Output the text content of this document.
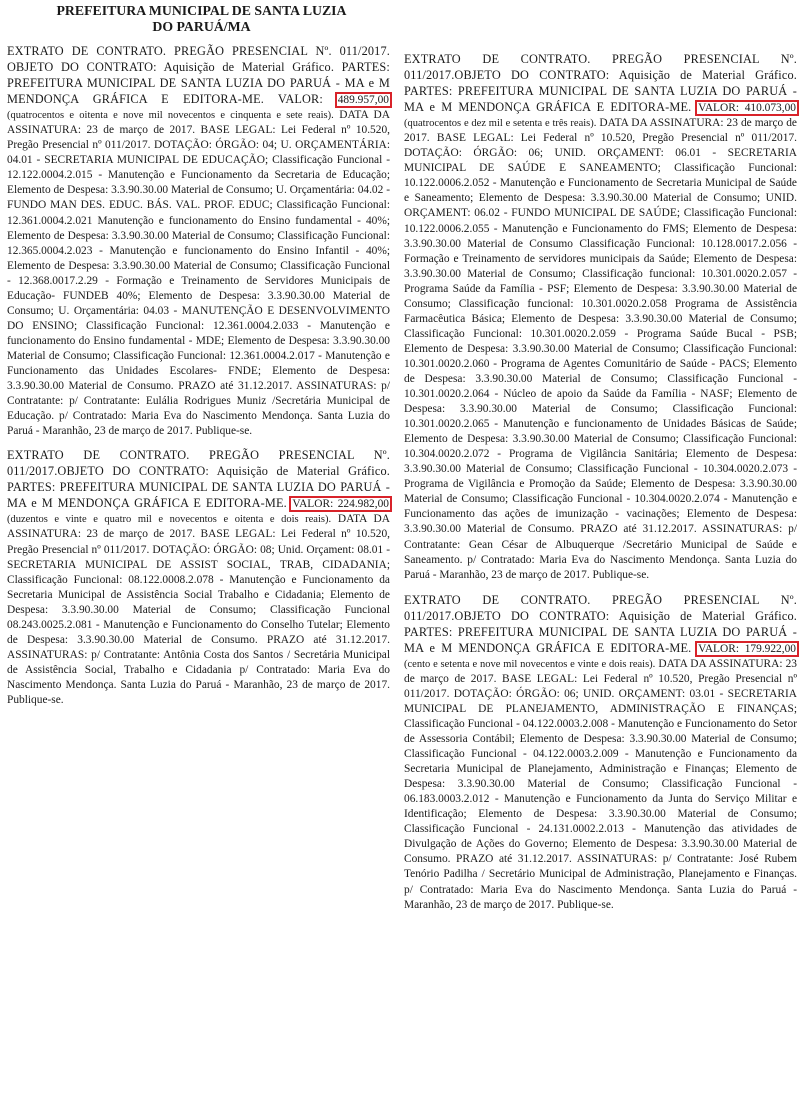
PREFEITURA MUNICIPAL DE SANTA LUZIA
DO PARUÁ/MA

EXTRATO DE CONTRATO. PREGÃO PRESENCIAL Nº. 011/2017. OBJETO DO CONTRATO: Aquisição de Material Gráfico. PARTES: PREFEITURA MUNICIPAL DE SANTA LUZIA DO PARUÁ - MA e M MENDONÇA GRÁFICA E EDITORA-ME. VALOR: 489.957,00 (quatrocentos e oitenta e nove mil novecentos e cinquenta e sete reais). DATA DA ASSINATURA: 23 de março de 2017. BASE LEGAL: Lei Federal nº 10.520, Pregão Presencial nº 011/2017. DOTAÇÃO: ÓRGÃO: 04; U. ORÇAMENTÁRIA: 04.01 - SECRETARIA MUNICIPAL DE EDUCAÇÃO; Classificação Funcional - 12.122.0004.2.015 - Manutenção e Funcionamento da Secretaria de Educação; Elemento de Despesa: 3.3.90.30.00 Material de Consumo; U. Orçamentária: 04.02 - FUNDO MAN DES. EDUC. BÁS. VAL. PROF. EDUC; Classificação Funcional: 12.361.0004.2.021 Manutenção e funcionamento do Ensino fundamental - 40%; Elemento de Despesa: 3.3.90.30.00 Material de Consumo; Classificação Funcional: 12.365.0004.2.023 - Manutenção e funcionamento do Ensino Infantil - 40%; Elemento de Despesa: 3.3.90.30.00 Material de Consumo; Classificação Funcional - 12.368.0017.2.29 - Formação e Treinamento de Servidores Municipais de Educação- FUNDEB 40%; Elemento de Despesa: 3.3.90.30.00 Material de Consumo; U. Orçamentária: 04.03 - MANUTENÇÃO E DESENVOLVIMENTO DO ENSINO; Classificação Funcional: 12.361.0004.2.033 - Manutenção e funcionamento do Ensino fundamental - MDE; Elemento de Despesa: 3.3.90.30.00 Material de Consumo; Classificação Funcional: 12.361.0004.2.017 - Manutenção e Funcionamento das Unidades Escolares- FNDE; Elemento de Despesa: 3.3.90.30.00 Material de Consumo. PRAZO até 31.12.2017. ASSINATURAS: p/ Contratante: p/ Contratante: Eulália Rodrigues Muniz /Secretária Municipal de Educação. p/ Contratado: Maria Eva do Nascimento Mendonça. Santa Luzia do Paruá - Maranhão, 23 de março de 2017. Publique-se.

EXTRATO DE CONTRATO. PREGÃO PRESENCIAL Nº. 011/2017.OBJETO DO CONTRATO: Aquisição de Material Gráfico. PARTES: PREFEITURA MUNICIPAL DE SANTA LUZIA DO PARUÁ - MA e M MENDONÇA GRÁFICA E EDITORA-ME. VALOR: 224.982,00 (duzentos e vinte e quatro mil e novecentos e oitenta e dois reais). DATA DA ASSINATURA: 23 de março de 2017. BASE LEGAL: Lei Federal nº 10.520, Pregão Presencial nº 011/2017. DOTAÇÃO: ÓRGÃO: 08; Unid. Orçament: 08.01 - SECRETARIA MUNICIPAL DE ASSIST SOCIAL, TRAB, CIDADANIA; Classificação Funcional: 08.122.0008.2.078 - Manutenção e Funcionamento da Secretaria Municipal de Assistência Social Trabalho e Cidadania; Elemento de Despesa: 3.3.90.30.00 Material de Consumo; Classificação Funcional 08.243.0025.2.081 - Manutenção e Funcionamento do Conselho Tutelar; Elemento de Despesa: 3.3.90.30.00 Material de Consumo. PRAZO até 31.12.2017. ASSINATURAS: p/ Contratante: Antônia Costa dos Santos / Secretária Municipal de Assistência Social, Trabalho e Cidadania p/ Contratado: Maria Eva do Nascimento Mendonça. Santa Luzia do Paruá - Maranhão, 23 de março de 2017. Publique-se.

EXTRATO DE CONTRATO. PREGÃO PRESENCIAL Nº. 011/2017.OBJETO DO CONTRATO: Aquisição de Material Gráfico. PARTES: PREFEITURA MUNICIPAL DE SANTA LUZIA DO PARUÁ - MA e M MENDONÇA GRÁFICA E EDITORA-ME. VALOR: 410.073,00 (quatrocentos e dez mil e setenta e três reais). DATA DA ASSINATURA: 23 de março de 2017. BASE LEGAL: Lei Federal nº 10.520, Pregão Presencial nº 011/2017. DOTAÇÃO: ÓRGÃO: 06; UNID. ORÇAMENT: 06.01 - SECRETARIA MUNICIPAL DE SAÚDE E SANEAMENTO; Classificação Funcional: 10.122.0006.2.052 - Manutenção e Funcionamento de Secretaria Municipal de Saúde e Saneamento; Elemento de Despesa: 3.3.90.30.00 Material de Consumo; UNID. ORÇAMENT: 06.02 - FUNDO MUNICIPAL DE SAÚDE; Classificação Funcional: 10.122.0006.2.055 - Manutenção e Funcionamento do FMS; Elemento de Despesa: 3.3.90.30.00 Material de Consumo Classificação Funcional: 10.128.0017.2.056 - Formação e Treinamento de servidores municipais da Saúde; Elemento de Despesa: 3.3.90.30.00 Material de Consumo; Classificação funcional: 10.301.0020.2.057 - Programa Saúde da Família - PSF; Elemento de Despesa: 3.3.90.30.00 Material de Consumo; Classificação funcional: 10.301.0020.2.058 Programa de Assistência Farmacêutica Básica; Elemento de Despesa: 3.3.90.30.00 Material de Consumo; Classificação Funcional: 10.301.0020.2.059 - Programa Saúde Bucal - PSB; Elemento de Despesa: 3.3.90.30.00 Material de Consumo; Classificação Funcional: 10.301.0020.2.060 - Programa de Agentes Comunitário de Saúde - PACS; Elemento de Despesa: 3.3.90.30.00 Material de Consumo; Classificação Funcional - 10.301.0020.2.064 - Núcleo de apoio da Saúde da Família - NASF; Elemento de Despesa: 3.3.90.30.00 Material de Consumo; Classificação Funcional: 10.301.0020.2.065 - Manutenção e funcionamento de Unidades Básicas de Saúde; Elemento de Despesa: 3.3.90.30.00 Material de Consumo; Classificação Funcional: 10.304.0020.2.072 - Programa de Vigilância Sanitária; Elemento de Despesa: 3.3.90.30.00 Material de Consumo; Classificação Funcional - 10.304.0020.2.073 - Programa de Vigilância e Promoção da Saúde; Elemento de Despesa: 3.3.90.30.00 Material de Consumo; Classificação Funcional - 10.304.0020.2.074 - Manutenção e Funcionamento das ações de imunização - vacinações; Elemento de Despesa: 3.3.90.30.00 Material de Consumo. PRAZO até 31.12.2017. ASSINATURAS: p/ Contratante: Gean César de Albuquerque /Secretário Municipal de Saúde e Saneamento. p/ Contratado: Maria Eva do Nascimento Mendonça. Santa Luzia do Paruá - Maranhão, 23 de março de 2017. Publique-se.

EXTRATO DE CONTRATO. PREGÃO PRESENCIAL Nº. 011/2017.OBJETO DO CONTRATO: Aquisição de Material Gráfico. PARTES: PREFEITURA MUNICIPAL DE SANTA LUZIA DO PARUÁ - MA e M MENDONÇA GRÁFICA E EDITORA-ME. VALOR: 179.922,00 (cento e setenta e nove mil novecentos e vinte e dois reais). DATA DA ASSINATURA: 23 de março de 2017. BASE LEGAL: Lei Federal nº 10.520, Pregão Presencial nº 011/2017. DOTAÇÃO: ÓRGÃO: 06; UNID. ORÇAMENT: 03.01 - SECRETARIA MUNICIPAL DE PLANEJAMENTO, ADMINISTRAÇÃO E FINANÇAS; Classificação Funcional - 04.122.0003.2.008 - Manutenção e Funcionamento do Setor de Assessoria Contábil; Elemento de Despesa: 3.3.90.30.00 Material de Consumo; Classificação Funcional - 04.122.0003.2.009 - Manutenção e Funcionamento da Secretaria Municipal de Planejamento, Administração e Finanças; Elemento de Despesa: 3.3.90.30.00 Material de Consumo; Classificação Funcional - 06.183.0003.2.012 - Manutenção e Funcionamento da Junta do Serviço Militar e Identificação; Elemento de Despesa: 3.3.90.30.00 Material de Consumo; Classificação Funcional - 24.131.0002.2.013 - Manutenção das atividades de Divulgação de Ações do Governo; Elemento de Despesa: 3.3.90.30.00 Material de Consumo. PRAZO até 31.12.2017. ASSINATURAS: p/ Contratante: José Rubem Tenório Padilha / Secretário Municipal de Administração, Planejamento e Finanças. p/ Contratado: Maria Eva do Nascimento Mendonça. Santa Luzia do Paruá - Maranhão, 23 de março de 2017. Publique-se.
